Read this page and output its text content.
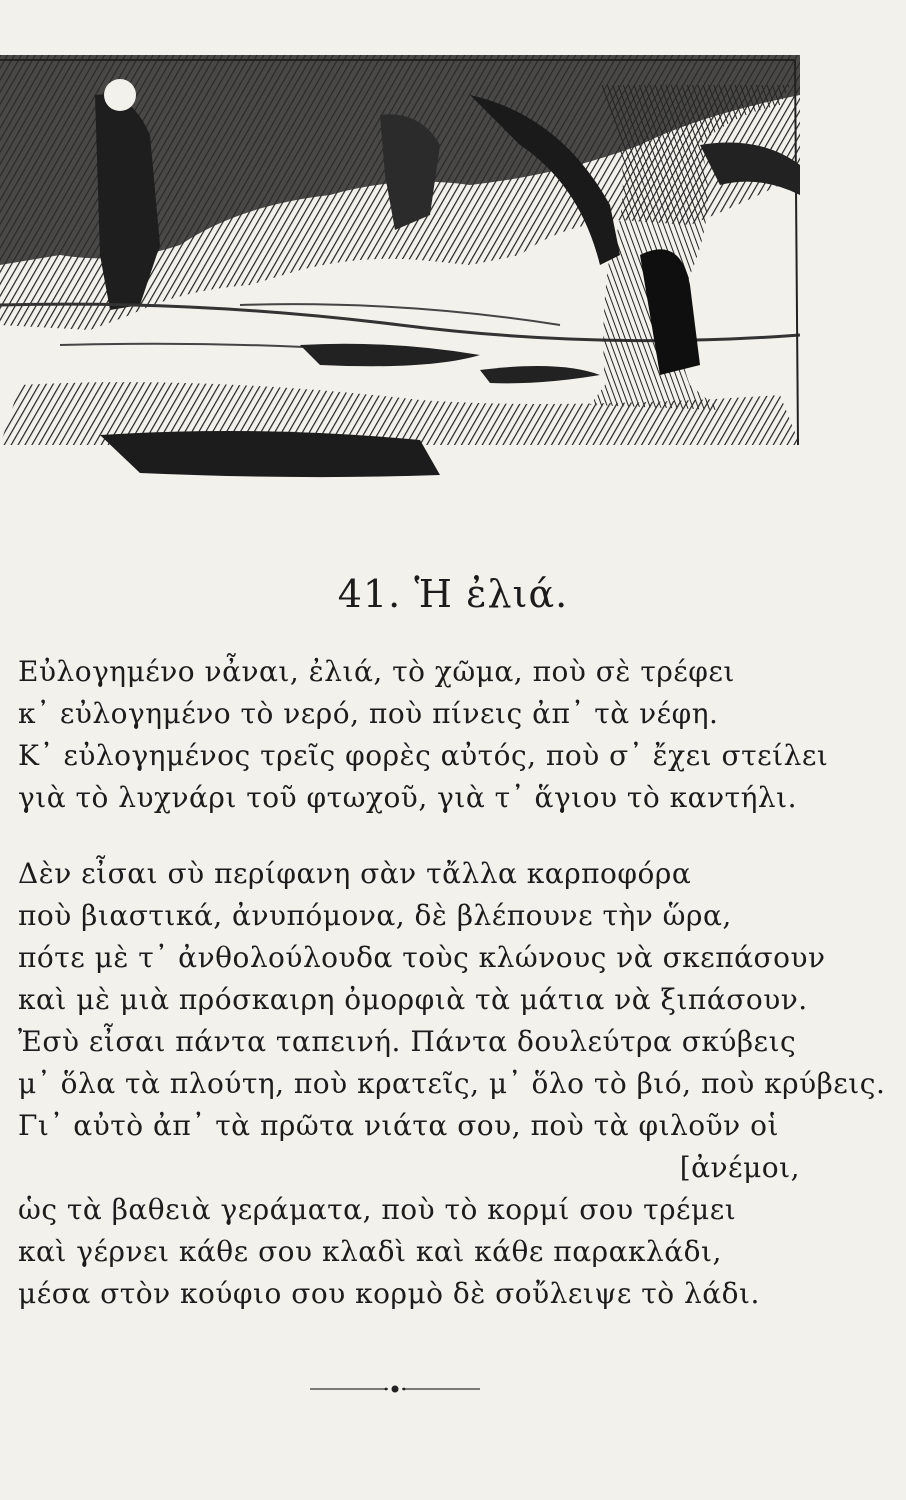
41. Ἡ ἐλιά.
Εὐλογημένο νἆναι, ἐλιά, τὸ χῶμα, ποὺ σὲ τρέφει
κ᾿ εὐλογημένο τὸ νερό, ποὺ πίνεις ἀπ᾿ τὰ νέφη.
Κ᾿ εὐλογημένος τρεῖς φορὲς αὐτός, ποὺ σ᾿ ἔχει στείλει
γιὰ τὸ λυχνάρι τοῦ φτωχοῦ, γιὰ τ᾿ ἅγιου τὸ καντήλι.
Δὲν εἶσαι σὺ περίφανη σὰν τἄλλα καρποφόρα
ποὺ βιαστικά, ἀνυπόμονα, δὲ βλέπουνε τὴν ὥρα,
πότε μὲ τ᾿ ἀνθολούλουδα τοὺς κλώνους νὰ σκεπάσουν
καὶ μὲ μιὰ πρόσκαιρη ὀμορφιὰ τὰ μάτια νὰ ξιπάσουν.
Ἐσὺ εἶσαι πάντα ταπεινή. Πάντα δουλεύτρα σκύβεις
μ᾿ ὅλα τὰ πλούτη, ποὺ κρατεῖς, μ᾿ ὅλο τὸ βιό, ποὺ κρύβεις.
Γι᾿ αὐτὸ ἀπ᾿ τὰ πρῶτα νιάτα σου, ποὺ τὰ φιλοῦν οἱ
[ἀνέμοι,
ὡς τὰ βαθειὰ γεράματα, ποὺ τὸ κορμί σου τρέμει
καὶ γέρνει κάθε σου κλαδὶ καὶ κάθε παρακλάδι,
μέσα στὸν κούφιο σου κορμὸ δὲ σοὔλειψε τὸ λάδι.
